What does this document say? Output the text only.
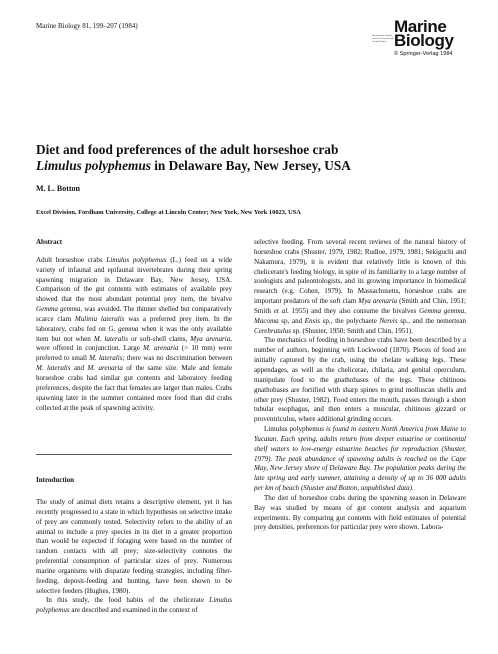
Marine Biology 81, 199–207 (1984)
International Journal on Life in Oceans and Coastal Waters
Marine
Biology
© Springer-Verlag 1984
Diet and food preferences of the adult horseshoe crab
Limulus polyphemus in Delaware Bay, New Jersey, USA
M. L. Botton
Excel Division, Fordham University, College at Lincoln Center; New York, New York 10023, USA
Abstract

Adult horseshoe crabs Limulus polyphemus (L.) feed on a wide variety of infaunal and epifaunal invertebrates during their spring spawning migration in Delaware Bay, New Jersey, USA. Comparison of the gut contents with estimates of available prey showed that the most abundant potential prey item, the bivalve Gemma gemma, was avoided. The thinner shelled but comparatively scarce clam Mulinia lateralis was a preferred prey item. In the laboratory, crabs fed on G. gemma when it was the only available item but not when M. lateralis or soft-shell clams, Mya arenaria, were offered in conjunction. Large M. arenaria (> 10 mm) were preferred to small M. lateralis; there was no discrimination between M. lateralis and M. arenaria of the same size. Male and female horseshoe crabs had similar gut contents and laboratory feeding preferences, despite the fact that females are larger than males. Crabs spawning later in the summer contained more food than did crabs collected at the peak of spawning activity.

Introduction

The study of animal diets retains a descriptive element, yet it has recently progressed to a state in which hypotheses on selective intake of prey are commonly tested. Selectivity refers to the ability of an animal to include a prey species in its diet in a greater proportion than would be expected if foraging were based on the number of random contacts with all prey; size-selectivity connotes the preferential consumption of particular sizes of prey. Numerous marine organisms with disparate feeding strategies, including filter-feeding, deposit-feeding and hunting, have been shown to be selective feeders (Hughes, 1980).

In this study, the food habits of the chelicerate Limulus polyphemus are described and examined in the context of

selective feeding. From several recent reviews of the natural history of horseshoe crabs (Shuster, 1979, 1982; Rudloe, 1979, 1981; Sekiguchi and Nakamura, 1979), it is evident that relatively little is known of this chelicerate's feeding biology, in spite of its familiarity to a large number of zoologists and paleontologists, and its growing importance in biomedical research (e.g. Cohen, 1979). In Massachusetts, horseshoe crabs are important predators of the soft clam Mya arenaria (Smith and Chin, 1951; Smith et al. 1955) and they also consume the bivalves Gemma gemma, Macoma sp, and Ensis sp., the polychaete Nereis sp., and the nemertean Cerebratulus sp. (Shuster, 1950; Smith and Chin, 1951).

The mechanics of feeding in horseshoe crabs have been described by a number of authors, beginning with Lockwood (1870). Pieces of food are initially captured by the crab, using the chelate walking legs. These appendages, as well as the chelicerae, chilaria, and genital operculum, manipulate food to the gnathobases of the legs. These chitinous gnathobases are fortified with sharp spines to grind molluscan shells and other prey (Shuster, 1982). Food enters the mouth, passes through a short tubular esophagus, and then enters a muscular, chitinous gizzard or proventriculus, where additional grinding occurs.

Limulus polyphemus is found in eastern North America from Maine to Yucatan. Each spring, adults return from deeper estuarine or continental shelf waters to low-energy estuarine beaches for reproduction (Shuster, 1979). The peak abundance of spawning adults is reached on the Cape May, New Jersey shore of Delaware Bay. The population peaks during the late spring and early summer, attaining a density of up to 36 000 adults per km of beach (Shuster and Botton, unpublished data).

The diet of horseshoe crabs during the spawning season in Delaware Bay was studied by means of gut content analysis and aquarium experiments. By comparing gut contents with field estimates of potential prey densities, preferences for particular prey were shown. Labora-
